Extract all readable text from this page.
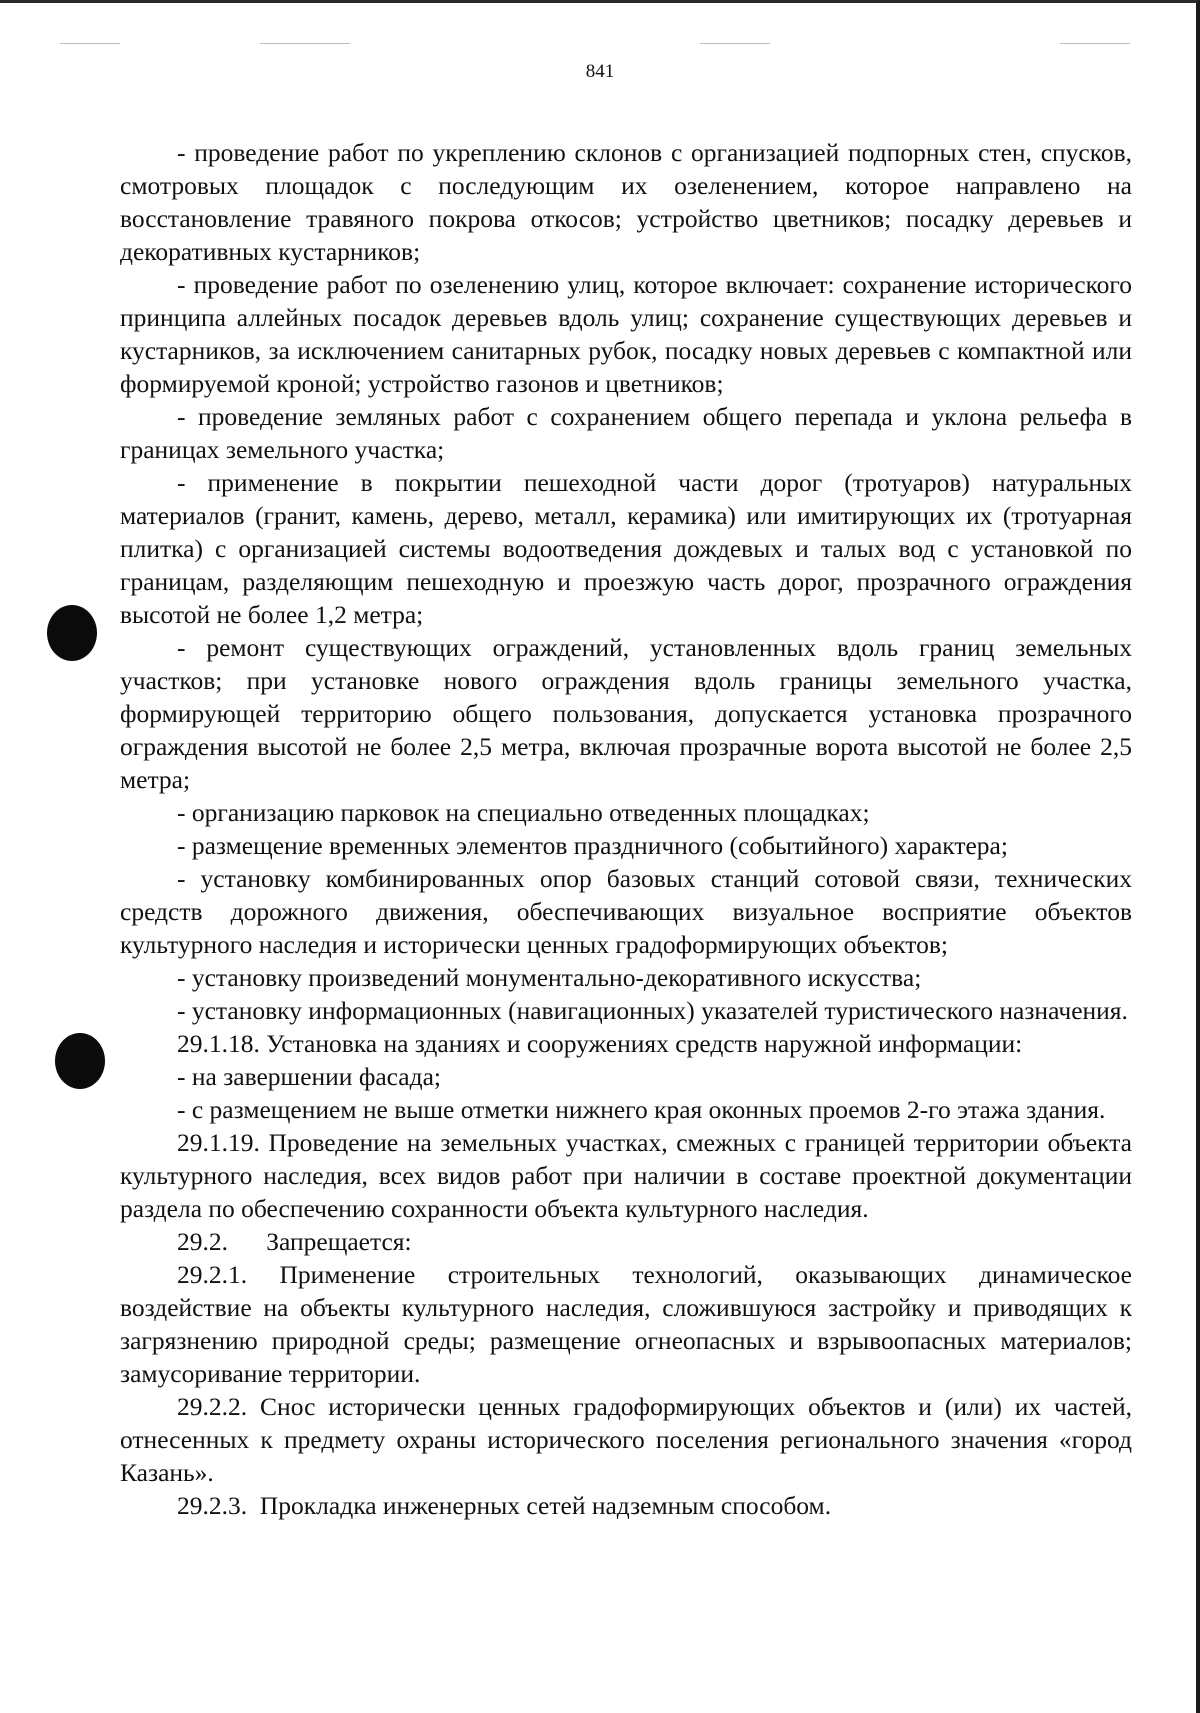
841

- проведение работ по укреплению склонов с организацией подпорных стен, спусков, смотровых площадок с последующим их озеленением, которое направлено на восстановление травяного покрова откосов; устройство цветников; посадку деревьев и декоративных кустарников;

- проведение работ по озеленению улиц, которое включает: сохранение исторического принципа аллейных посадок деревьев вдоль улиц; сохранение существующих деревьев и кустарников, за исключением санитарных рубок, посадку новых деревьев с компактной или формируемой кроной; устройство газонов и цветников;

- проведение земляных работ с сохранением общего перепада и уклона рельефа в границах земельного участка;

- применение в покрытии пешеходной части дорог (тротуаров) натуральных материалов (гранит, камень, дерево, металл, керамика) или имитирующих их (тротуарная плитка) с организацией системы водоотведения дождевых и талых вод с установкой по границам, разделяющим пешеходную и проезжую часть дорог, прозрачного ограждения высотой не более 1,2 метра;

- ремонт существующих ограждений, установленных вдоль границ земельных участков; при установке нового ограждения вдоль границы земельного участка, формирующей территорию общего пользования, допускается установка прозрачного ограждения высотой не более 2,5 метра, включая прозрачные ворота высотой не более 2,5 метра;

- организацию парковок на специально отведенных площадках;

- размещение временных элементов праздничного (событийного) характера;

- установку комбинированных опор базовых станций сотовой связи, технических средств дорожного движения, обеспечивающих визуальное восприятие объектов культурного наследия и исторически ценных градоформирующих объектов;

- установку произведений монументально-декоративного искусства;

- установку информационных (навигационных) указателей туристического назначения.

29.1.18. Установка на зданиях и сооружениях средств наружной информации:

- на завершении фасада;

- с размещением не выше отметки нижнего края оконных проемов 2-го этажа здания.

29.1.19. Проведение на земельных участках, смежных с границей территории объекта культурного наследия, всех видов работ при наличии в составе проектной документации раздела по обеспечению сохранности объекта культурного наследия.

29.2.      Запрещается:

29.2.1. Применение строительных технологий, оказывающих динамическое воздействие на объекты культурного наследия, сложившуюся застройку и приводящих к загрязнению природной среды; размещение огнеопасных и взрывоопасных материалов; замусоривание территории.

29.2.2. Снос исторически ценных градоформирующих объектов и (или) их частей, отнесенных к предмету охраны исторического поселения регионального значения «город Казань».

29.2.3.  Прокладка инженерных сетей надземным способом.
